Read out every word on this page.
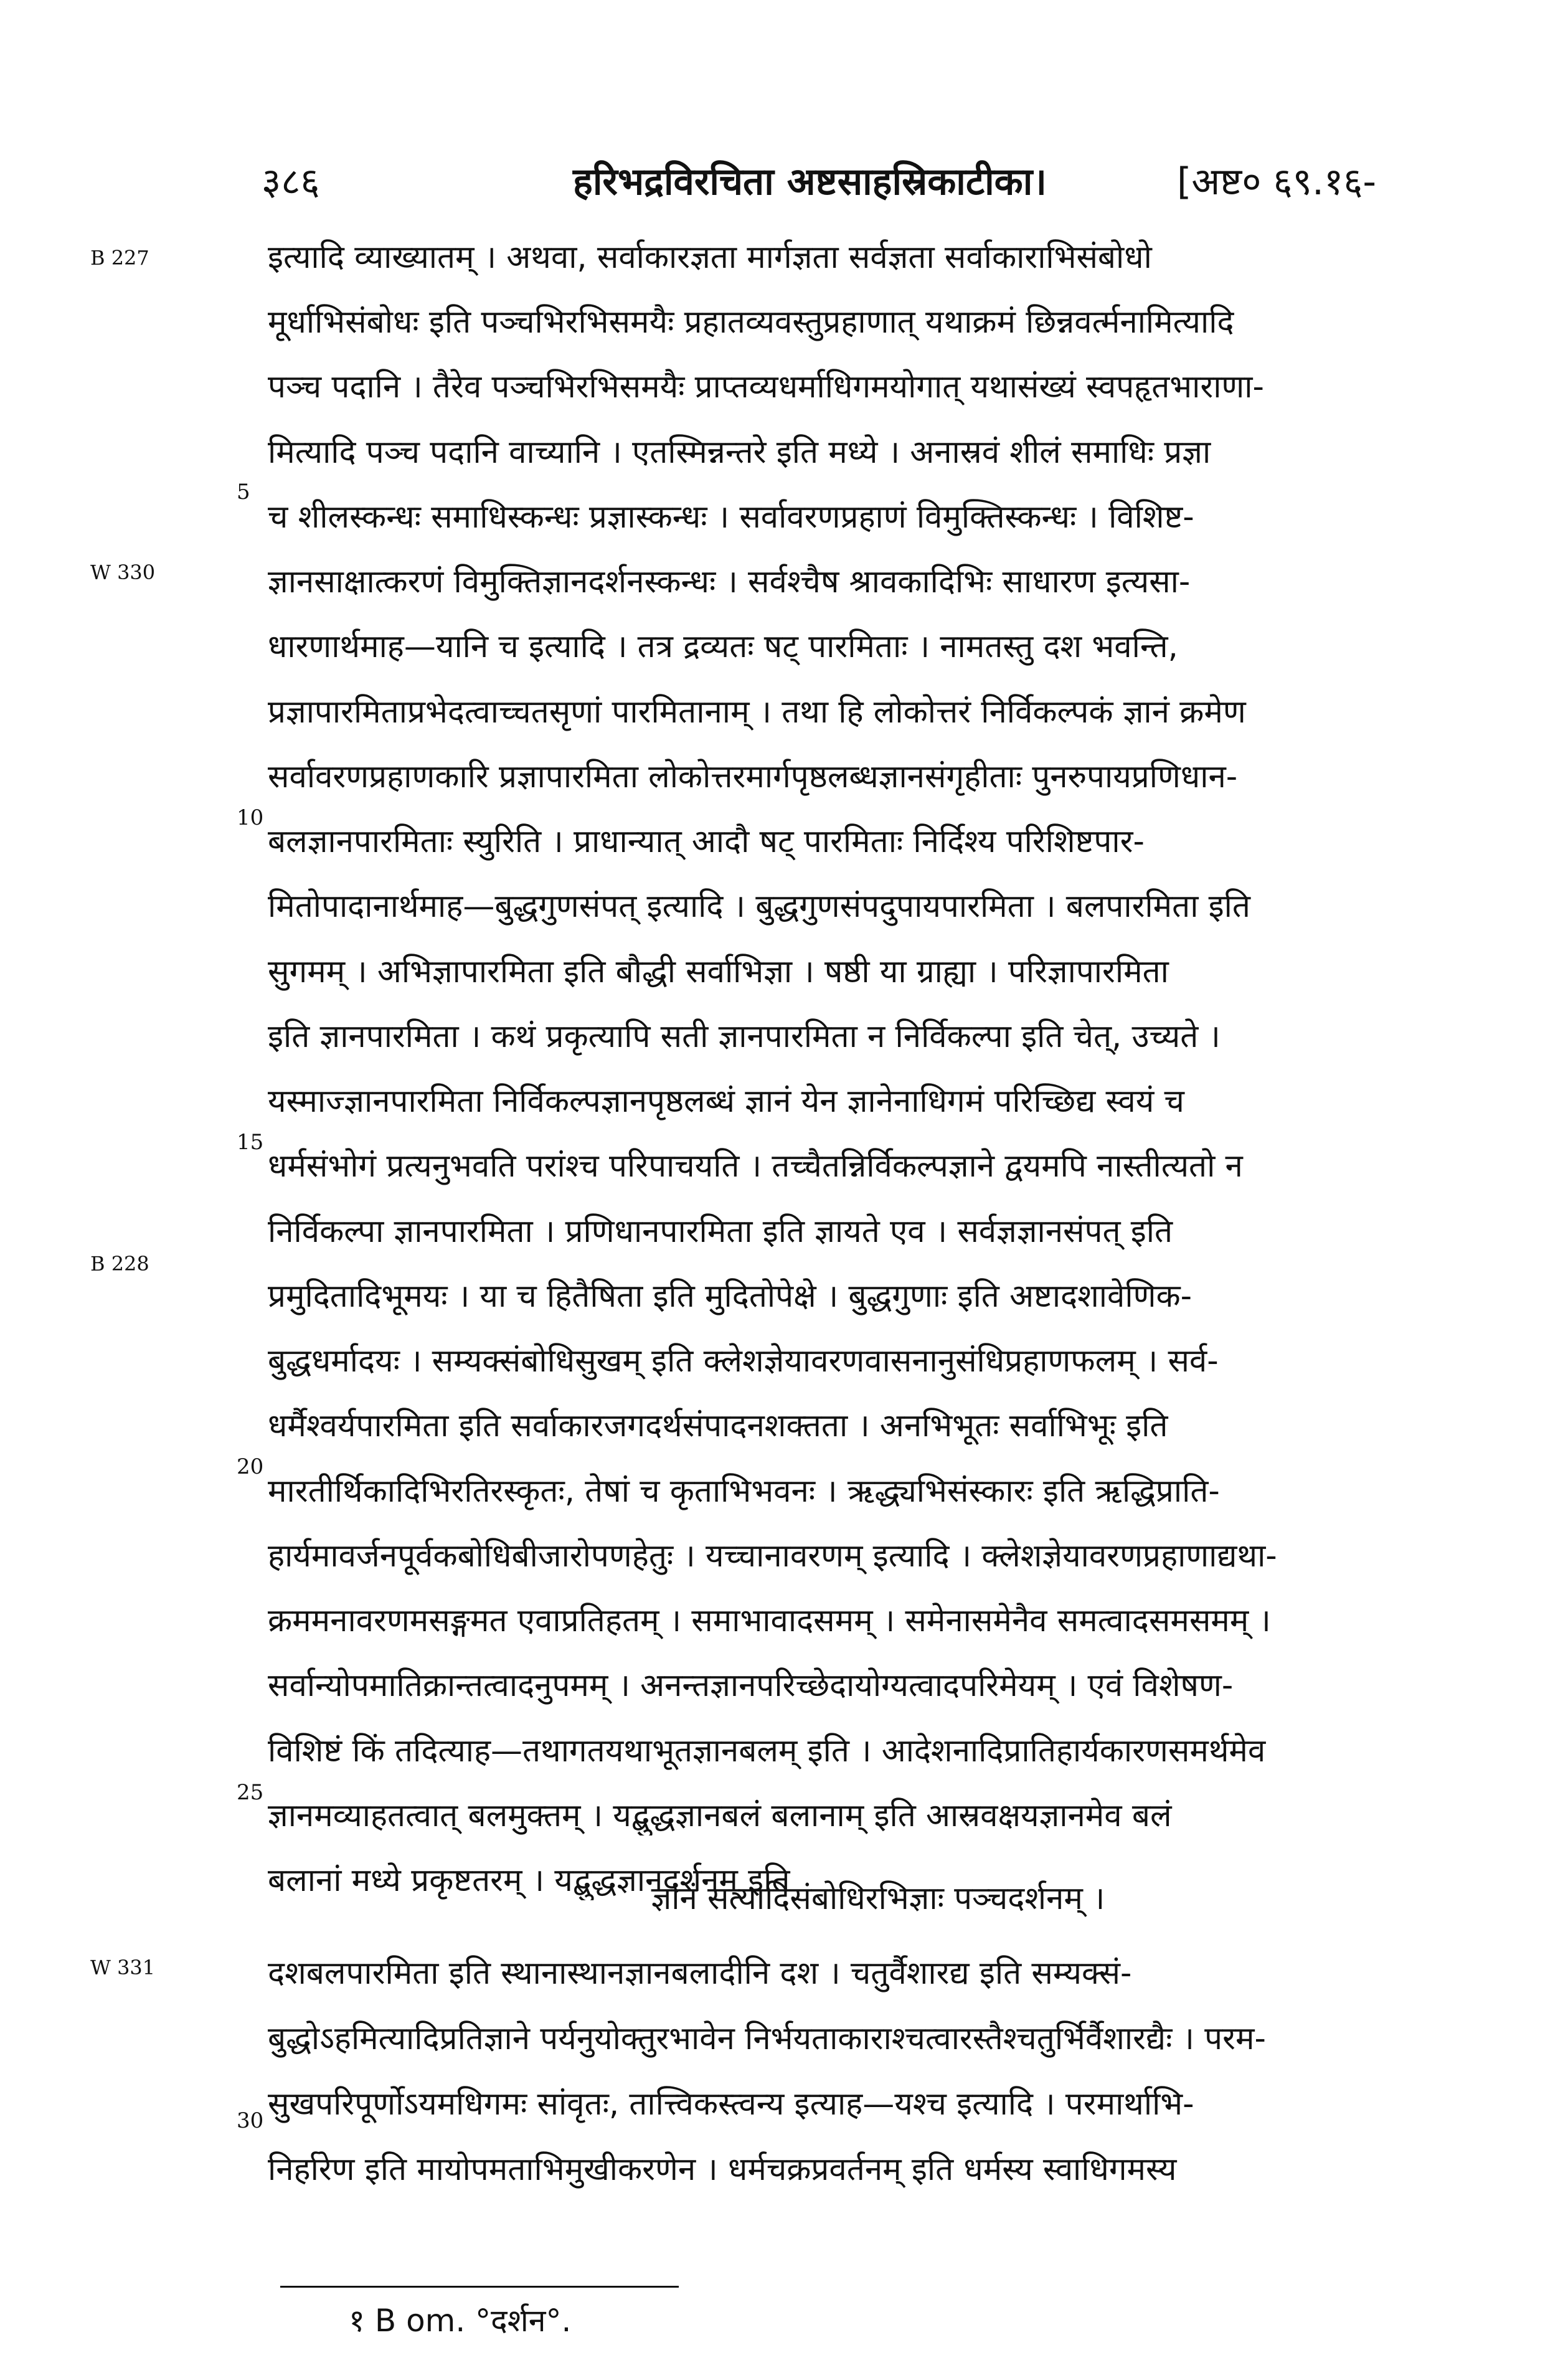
३८६	हरिभद्रविरचिता अष्टसाहस्रिकाटीका।	[अष्ट० ६९.१६-
B 227
W 330
B 228
W 331
5
10
15
20
25
30
इत्यादि व्याख्यातम् । अथवा, सर्वाकारज्ञता मार्गज्ञता सर्वज्ञता सर्वाकाराभिसंबोधो
मूर्धाभिसंबोधः इति पञ्चभिरभिसमयैः प्रहातव्यवस्तुप्रहाणात् यथाक्रमं छिन्नवर्त्मनामित्यादि
पञ्च पदानि । तैरेव पञ्चभिरभिसमयैः प्राप्तव्यधर्माधिगमयोगात् यथासंख्यं स्वपहृतभाराणा-
मित्यादि पञ्च पदानि वाच्यानि । एतस्मिन्नन्तरे इति मध्ये । अनास्रवं शीलं समाधिः प्रज्ञा
च शीलस्कन्धः समाधिस्कन्धः प्रज्ञास्कन्धः । सर्वावरणप्रहाणं विमुक्तिस्कन्धः । विशिष्ट-
ज्ञानसाक्षात्करणं विमुक्तिज्ञानदर्शनस्कन्धः । सर्वश्चैष श्रावकादिभिः साधारण इत्यसा-
धारणार्थमाह—यानि च इत्यादि । तत्र द्रव्यतः षट् पारमिताः । नामतस्तु दश भवन्ति,
प्रज्ञापारमिताप्रभेदत्वाच्चतसृणां पारमितानाम् । तथा हि लोकोत्तरं निर्विकल्पकं ज्ञानं क्रमेण
सर्वावरणप्रहाणकारि प्रज्ञापारमिता लोकोत्तरमार्गपृष्ठलब्धज्ञानसंगृहीताः पुनरुपायप्रणिधान-
बलज्ञानपारमिताः स्युरिति । प्राधान्यात् आदौ षट् पारमिताः निर्दिश्य परिशिष्टपार-
मितोपादानार्थमाह—बुद्धगुणसंपत् इत्यादि । बुद्धगुणसंपदुपायपारमिता । बलपारमिता इति
सुगमम् । अभिज्ञापारमिता इति बौद्धी सर्वाभिज्ञा । षष्ठी या ग्राह्या । परिज्ञापारमिता
इति ज्ञानपारमिता । कथं प्रकृत्यापि सती ज्ञानपारमिता न निर्विकल्पा इति चेत्, उच्यते ।
यस्माज्ज्ञानपारमिता निर्विकल्पज्ञानपृष्ठलब्धं ज्ञानं येन ज्ञानेनाधिगमं परिच्छिद्य स्वयं च
धर्मसंभोगं प्रत्यनुभवति परांश्च परिपाचयति । तच्चैतन्निर्विकल्पज्ञाने द्वयमपि नास्तीत्यतो न
निर्विकल्पा ज्ञानपारमिता । प्रणिधानपारमिता इति ज्ञायते एव । सर्वज्ञज्ञानसंपत् इति
प्रमुदितादिभूमयः । या च हितैषिता इति मुदितोपेक्षे । बुद्धगुणाः इति अष्टादशावेणिक-
बुद्धधर्मादयः । सम्यक्संबोधिसुखम् इति क्लेशज्ञेयावरणवासनानुसंधिप्रहाणफलम् । सर्व-
धर्मैश्वर्यपारमिता इति सर्वाकारजगदर्थसंपादनशक्तता । अनभिभूतः सर्वाभिभूः इति
मारतीर्थिकादिभिरतिरस्कृतः, तेषां च कृताभिभवनः । ऋद्ध्यभिसंस्कारः इति ऋद्धिप्राति-
हार्यमावर्जनपूर्वकबोधिबीजारोपणहेतुः । यच्चानावरणम् इत्यादि । क्लेशज्ञेयावरणप्रहाणाद्यथा-
क्रममनावरणमसङ्गमत एवाप्रतिहतम् । समाभावादसमम् । समेनासमेनैव समत्वादसमसमम् ।
सर्वान्योपमातिक्रान्तत्वादनुपमम् । अनन्तज्ञानपरिच्छेदायोग्यत्वादपरिमेयम् । एवं विशेषण-
विशिष्टं किं तदित्याह—तथागतयथाभूतज्ञानबलम् इति । आदेशनादिप्रातिहार्यकारणसमर्थमेव
ज्ञानमव्याहतत्वात् बलमुक्तम् । यद्बुद्धज्ञानबलं बलानाम् इति आस्रवक्षयज्ञानमेव बलं
बलानां मध्ये प्रकृष्टतरम् । यद्बुद्धज्ञानदर्शनम् इति
ज्ञानं सत्यादिसंबोधिरभिज्ञाः पञ्चदर्शनम् ।
दशबलपारमिता इति स्थानास्थानज्ञानबलादीनि दश । चतुर्वैशारद्य इति सम्यक्सं-
बुद्धोऽहमित्यादिप्रतिज्ञाने पर्यनुयोक्तुरभावेन निर्भयताकाराश्चत्वारस्तैश्चतुर्भिर्वैशारद्यैः । परम-
सुखपरिपूर्णोऽयमधिगमः सांवृतः, तात्त्विकस्त्वन्य इत्याह—यश्च इत्यादि । परमार्थाभि-
निर्हारेण इति मायोपमताभिमुखीकरणेन । धर्मचक्रप्रवर्तनम् इति धर्मस्य स्वाधिगमस्य
१ B om. °दर्शन°.
